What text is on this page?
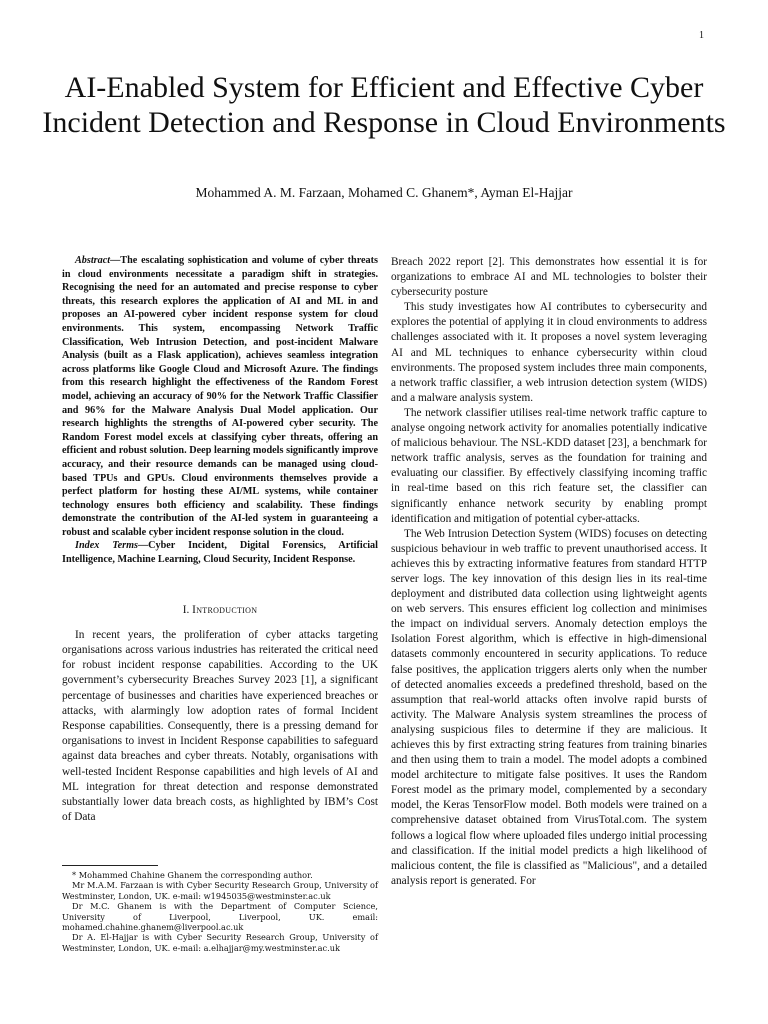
1
AI-Enabled System for Efficient and Effective Cyber Incident Detection and Response in Cloud Environments
Mohammed A. M. Farzaan, Mohamed C. Ghanem*, Ayman El-Hajjar

Abstract—The escalating sophistication and volume of cyber threats in cloud environments necessitate a paradigm shift in strategies. Recognising the need for an automated and precise response to cyber threats, this research explores the application of AI and ML in and proposes an AI-powered cyber incident response system for cloud environments. This system, encompassing Network Traffic Classification, Web Intrusion Detection, and post-incident Malware Analysis (built as a Flask application), achieves seamless integration across platforms like Google Cloud and Microsoft Azure. The findings from this research highlight the effectiveness of the Random Forest model, achieving an accuracy of 90% for the Network Traffic Classifier and 96% for the Malware Analysis Dual Model application. Our research highlights the strengths of AI-powered cyber security. The Random Forest model excels at classifying cyber threats, offering an efficient and robust solution. Deep learning models significantly improve accuracy, and their resource demands can be managed using cloud-based TPUs and GPUs. Cloud environments themselves provide a perfect platform for hosting these AI/ML systems, while container technology ensures both efficiency and scalability. These findings demonstrate the contribution of the AI-led system in guaranteeing a robust and scalable cyber incident response solution in the cloud.

Index Terms—Cyber Incident, Digital Forensics, Artificial Intelligence, Machine Learning, Cloud Security, Incident Response.

I. Introduction

In recent years, the proliferation of cyber attacks targeting organisations across various industries has reiterated the critical need for robust incident response capabilities. According to the UK government’s cybersecurity Breaches Survey 2023 [1], a significant percentage of businesses and charities have experienced breaches or attacks, with alarmingly low adoption rates of formal Incident Response capabilities. Consequently, there is a pressing demand for organisations to invest in Incident Response capabilities to safeguard against data breaches and cyber threats. Notably, organisations with well-tested Incident Response capabilities and high levels of AI and ML integration for threat detection and response demonstrated substantially lower data breach costs, as highlighted by IBM’s Cost of Data

Breach 2022 report [2]. This demonstrates how essential it is for organizations to embrace AI and ML technologies to bolster their cybersecurity posture

This study investigates how AI contributes to cybersecurity and explores the potential of applying it in cloud environments to address challenges associated with it. It proposes a novel system leveraging AI and ML techniques to enhance cybersecurity within cloud environments. The proposed system includes three main components, a network traffic classifier, a web intrusion detection system (WIDS) and a malware analysis system.

The network classifier utilises real-time network traffic capture to analyse ongoing network activity for anomalies potentially indicative of malicious behaviour. The NSL-KDD dataset [23], a benchmark for network traffic analysis, serves as the foundation for training and evaluating our classifier. By effectively classifying incoming traffic in real-time based on this rich feature set, the classifier can significantly enhance network security by enabling prompt identification and mitigation of potential cyber-attacks.

The Web Intrusion Detection System (WIDS) focuses on detecting suspicious behaviour in web traffic to prevent unauthorised access. It achieves this by extracting informative features from standard HTTP server logs. The key innovation of this design lies in its real-time deployment and distributed data collection using lightweight agents on web servers. This ensures efficient log collection and minimises the impact on individual servers. Anomaly detection employs the Isolation Forest algorithm, which is effective in high-dimensional datasets commonly encountered in security applications. To reduce false positives, the application triggers alerts only when the number of detected anomalies exceeds a predefined threshold, based on the assumption that real-world attacks often involve rapid bursts of activity. The Malware Analysis system streamlines the process of analysing suspicious files to determine if they are malicious. It achieves this by first extracting string features from training binaries and then using them to train a model. The model adopts a combined model architecture to mitigate false positives. It uses the Random Forest model as the primary model, complemented by a secondary model, the Keras TensorFlow model. Both models were trained on a comprehensive dataset obtained from VirusTotal.com. The system follows a logical flow where uploaded files undergo initial processing and classification. If the initial model predicts a high likelihood of malicious content, the file is classified as "Malicious", and a detailed analysis report is generated. For

* Mohammed Chahine Ghanem the corresponding author.

Mr M.A.M. Farzaan is with Cyber Security Research Group, University of Westminster, London, UK. e-mail: w1945035@westminster.ac.uk

Dr M.C. Ghanem is with the Department of Computer Science, University of Liverpool, Liverpool, UK. email: mohamed.chahine.ghanem@liverpool.ac.uk

Dr A. El-Hajjar is with Cyber Security Research Group, University of Westminster, London, UK. e-mail: a.elhajjar@my.westminster.ac.uk
